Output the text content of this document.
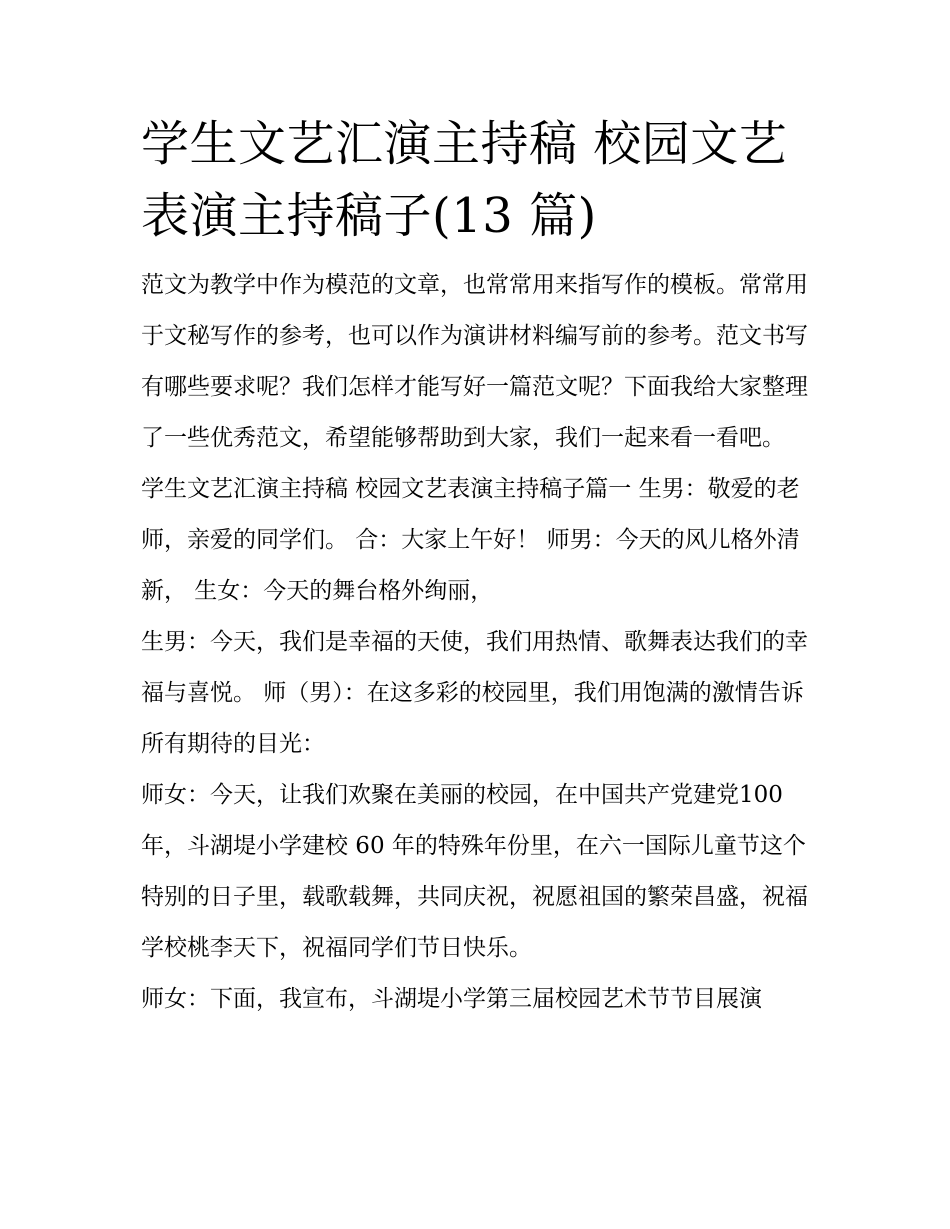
学生文艺汇演主持稿 校园文艺表演主持稿子(13 篇)

范文为教学中作为模范的文章，也常常用来指写作的模板。常常用于文秘写作的参考，也可以作为演讲材料编写前的参考。范文书写有哪些要求呢？我们怎样才能写好一篇范文呢？下面我给大家整理了一些优秀范文，希望能够帮助到大家，我们一起来看一看吧。

学生文艺汇演主持稿 校园文艺表演主持稿子篇一 生男：敬爱的老师，亲爱的同学们。 合：大家上午好！ 师男：今天的风儿格外清新， 生女：今天的舞台格外绚丽，

生男：今天，我们是幸福的天使，我们用热情、歌舞表达我们的幸福与喜悦。 师（男）：在这多彩的校园里，我们用饱满的激情告诉所有期待的目光：

师女：今天，让我们欢聚在美丽的校园，在中国共产党建党100 年，斗湖堤小学建校 60 年的特殊年份里，在六一国际儿童节这个特别的日子里，载歌载舞，共同庆祝，祝愿祖国的繁荣昌盛，祝福学校桃李天下，祝福同学们节日快乐。

师女：下面，我宣布，斗湖堤小学第三届校园艺术节节目展演
